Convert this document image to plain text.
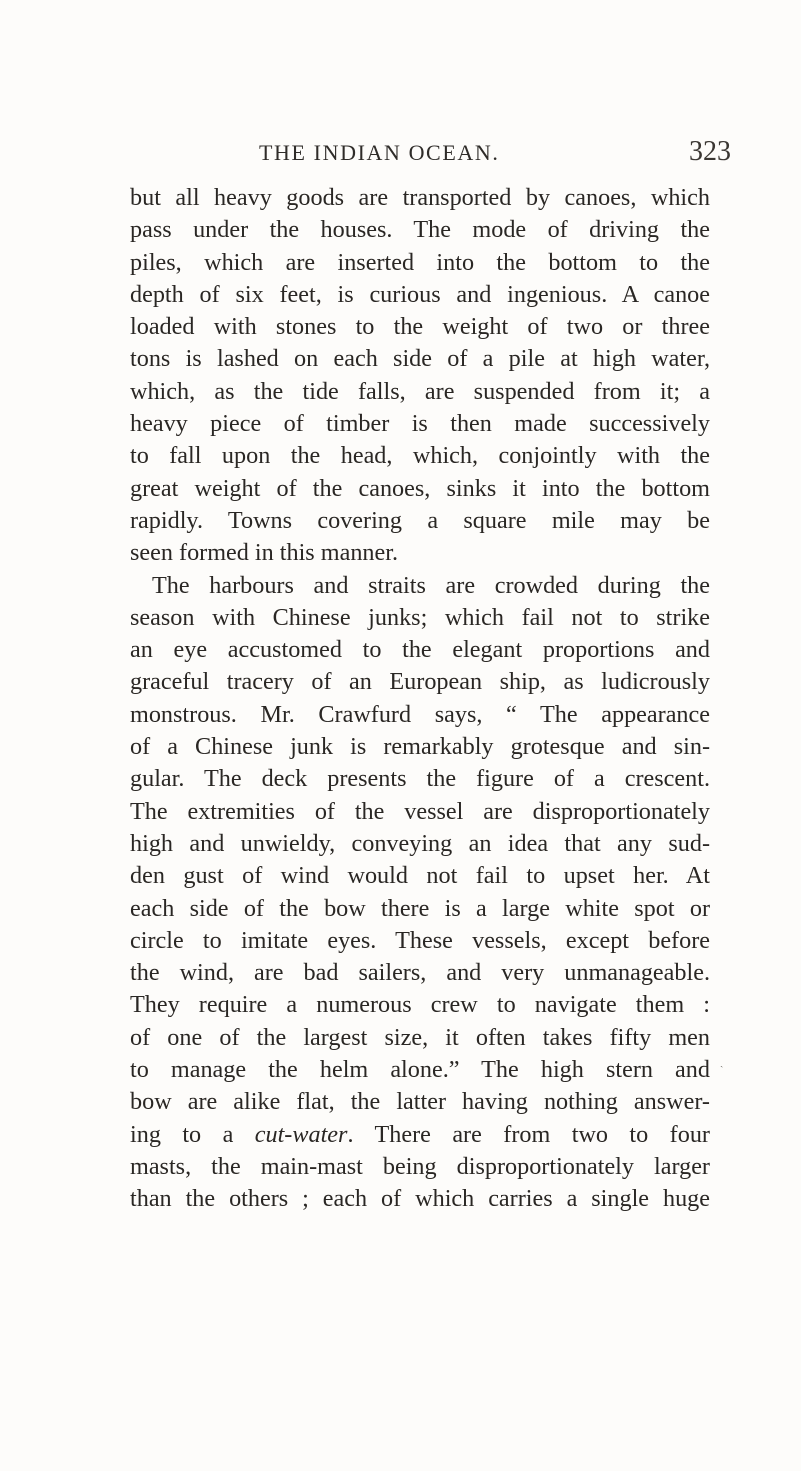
THE INDIAN OCEAN.	323
but all heavy goods are transported by canoes, which
pass under the houses. The mode of driving the
piles, which are inserted into the bottom to the
depth of six feet, is curious and ingenious. A canoe
loaded with stones to the weight of two or three
tons is lashed on each side of a pile at high water,
which, as the tide falls, are suspended from it; a
heavy piece of timber is then made successively
to fall upon the head, which, conjointly with the
great weight of the canoes, sinks it into the bottom
rapidly. Towns covering a square mile may be
seen formed in this manner.
The harbours and straits are crowded during the
season with Chinese junks; which fail not to strike
an eye accustomed to the elegant proportions and
graceful tracery of an European ship, as ludicrously
monstrous. Mr. Crawfurd says, “ The appearance
of a Chinese junk is remarkably grotesque and sin-
gular. The deck presents the figure of a crescent.
The extremities of the vessel are disproportionately
high and unwieldy, conveying an idea that any sud-
den gust of wind would not fail to upset her. At
each side of the bow there is a large white spot or
circle to imitate eyes. These vessels, except before
the wind, are bad sailers, and very unmanageable.
They require a numerous crew to navigate them :
of one of the largest size, it often takes fifty men
to manage the helm alone.” The high stern and
bow are alike flat, the latter having nothing answer-
ing to a cut-water. There are from two to four
masts, the main-mast being disproportionately larger
than the others ; each of which carries a single huge
ˏ
